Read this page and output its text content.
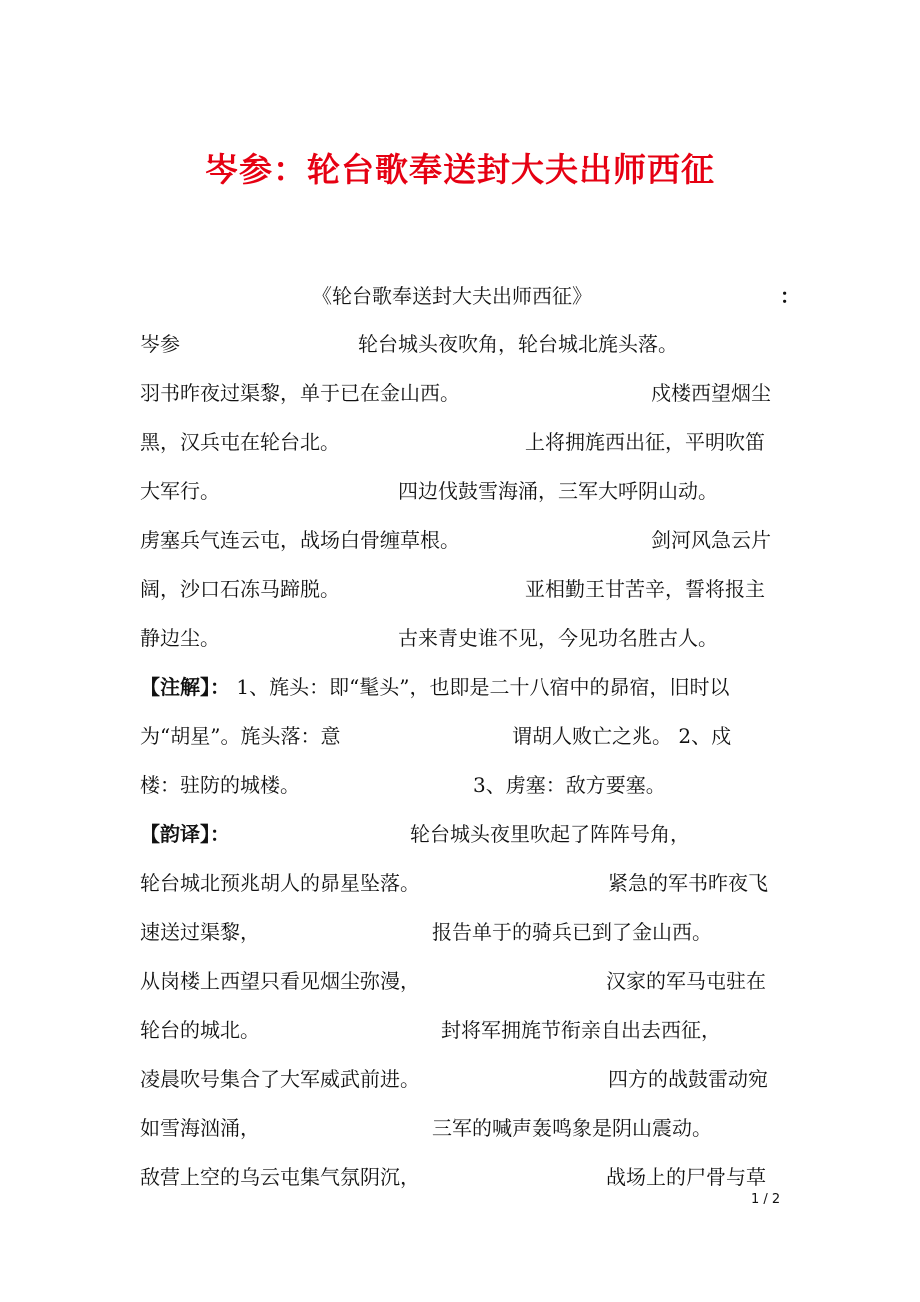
岑参：轮台歌奉送封大夫出师西征
《轮台歌奉送封大夫出师西征》	：
岑参	轮台城头夜吹角，轮台城北旄头落。
羽书昨夜过渠黎，单于已在金山西。	戍楼西望烟尘
黑，汉兵屯在轮台北。	上将拥旄西出征，平明吹笛
大军行。	四边伐鼓雪海涌，三军大呼阴山动。
虏塞兵气连云屯，战场白骨缠草根。	剑河风急云片
阔，沙口石冻马蹄脱。	亚相勤王甘苦辛，誓将报主
静边尘。	古来青史谁不见，今见功名胜古人。
【注解】： 1、旄头：即“髦头”，也即是二十八宿中的昴宿，旧时以
为“胡星”。旄头落：意	谓胡人败亡之兆。 2、戍
楼：驻防的城楼。	3、虏塞：敌方要塞。
【韵译】：	轮台城头夜里吹起了阵阵号角，
轮台城北预兆胡人的昴星坠落。	紧急的军书昨夜飞
速送过渠黎，	报告单于的骑兵已到了金山西。
从岗楼上西望只看见烟尘弥漫，	汉家的军马屯驻在
轮台的城北。	封将军拥旄节衔亲自出去西征，
凌晨吹号集合了大军威武前进。	四方的战鼓雷动宛
如雪海汹涌，	三军的喊声轰鸣象是阴山震动。
敌营上空的乌云屯集气氛阴沉，	战场上的尸骨与草
1 / 2
